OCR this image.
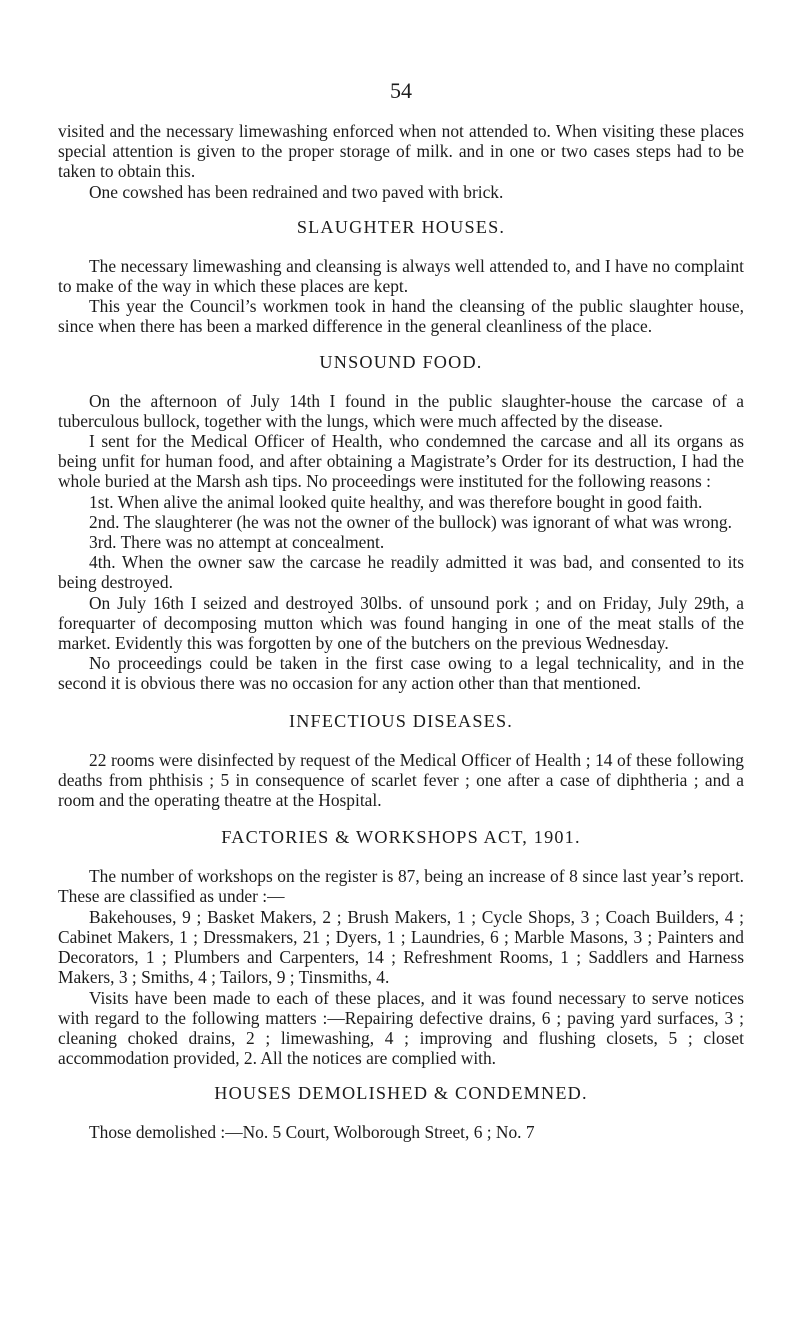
54

visited and the necessary limewashing enforced when not attended to. When visiting these places special attention is given to the proper storage of milk. and in one or two cases steps had to be taken to obtain this.

One cowshed has been redrained and two paved with brick.

SLAUGHTER HOUSES.

The necessary limewashing and cleansing is always well attended to, and I have no complaint to make of the way in which these places are kept.

This year the Council’s workmen took in hand the cleansing of the public slaughter house, since when there has been a marked difference in the general cleanliness of the place.

UNSOUND FOOD.

On the afternoon of July 14th I found in the public slaughter-house the carcase of a tuberculous bullock, together with the lungs, which were much affected by the disease.

I sent for the Medical Officer of Health, who condemned the carcase and all its organs as being unfit for human food, and after obtaining a Magistrate’s Order for its destruction, I had the whole buried at the Marsh ash tips. No proceedings were instituted for the following reasons :

1st. When alive the animal looked quite healthy, and was therefore bought in good faith.

2nd. The slaughterer (he was not the owner of the bullock) was ignorant of what was wrong.

3rd. There was no attempt at concealment.

4th. When the owner saw the carcase he readily admitted it was bad, and consented to its being destroyed.

On July 16th I seized and destroyed 30lbs. of unsound pork ; and on Friday, July 29th, a forequarter of decomposing mutton which was found hanging in one of the meat stalls of the market. Evidently this was forgotten by one of the butchers on the previous Wednesday.

No proceedings could be taken in the first case owing to a legal technicality, and in the second it is obvious there was no occasion for any action other than that mentioned.

INFECTIOUS DISEASES.

22 rooms were disinfected by request of the Medical Officer of Health ; 14 of these following deaths from phthisis ; 5 in consequence of scarlet fever ; one after a case of diphtheria ; and a room and the operating theatre at the Hospital.

FACTORIES & WORKSHOPS ACT, 1901.

The number of workshops on the register is 87, being an increase of 8 since last year’s report. These are classified as under :—

Bakehouses, 9 ; Basket Makers, 2 ; Brush Makers, 1 ; Cycle Shops, 3 ; Coach Builders, 4 ; Cabinet Makers, 1 ; Dressmakers, 21 ; Dyers, 1 ; Laundries, 6 ; Marble Masons, 3 ; Painters and Decorators, 1 ; Plumbers and Carpenters, 14 ; Refreshment Rooms, 1 ; Saddlers and Harness Makers, 3 ; Smiths, 4 ; Tailors, 9 ; Tinsmiths, 4.

Visits have been made to each of these places, and it was found necessary to serve notices with regard to the following matters :—Repairing defective drains, 6 ; paving yard surfaces, 3 ; cleaning choked drains, 2 ; limewashing, 4 ; improving and flushing closets, 5 ; closet accommodation provided, 2. All the notices are complied with.

HOUSES DEMOLISHED & CONDEMNED.

Those demolished :—No. 5 Court, Wolborough Street, 6 ; No. 7
